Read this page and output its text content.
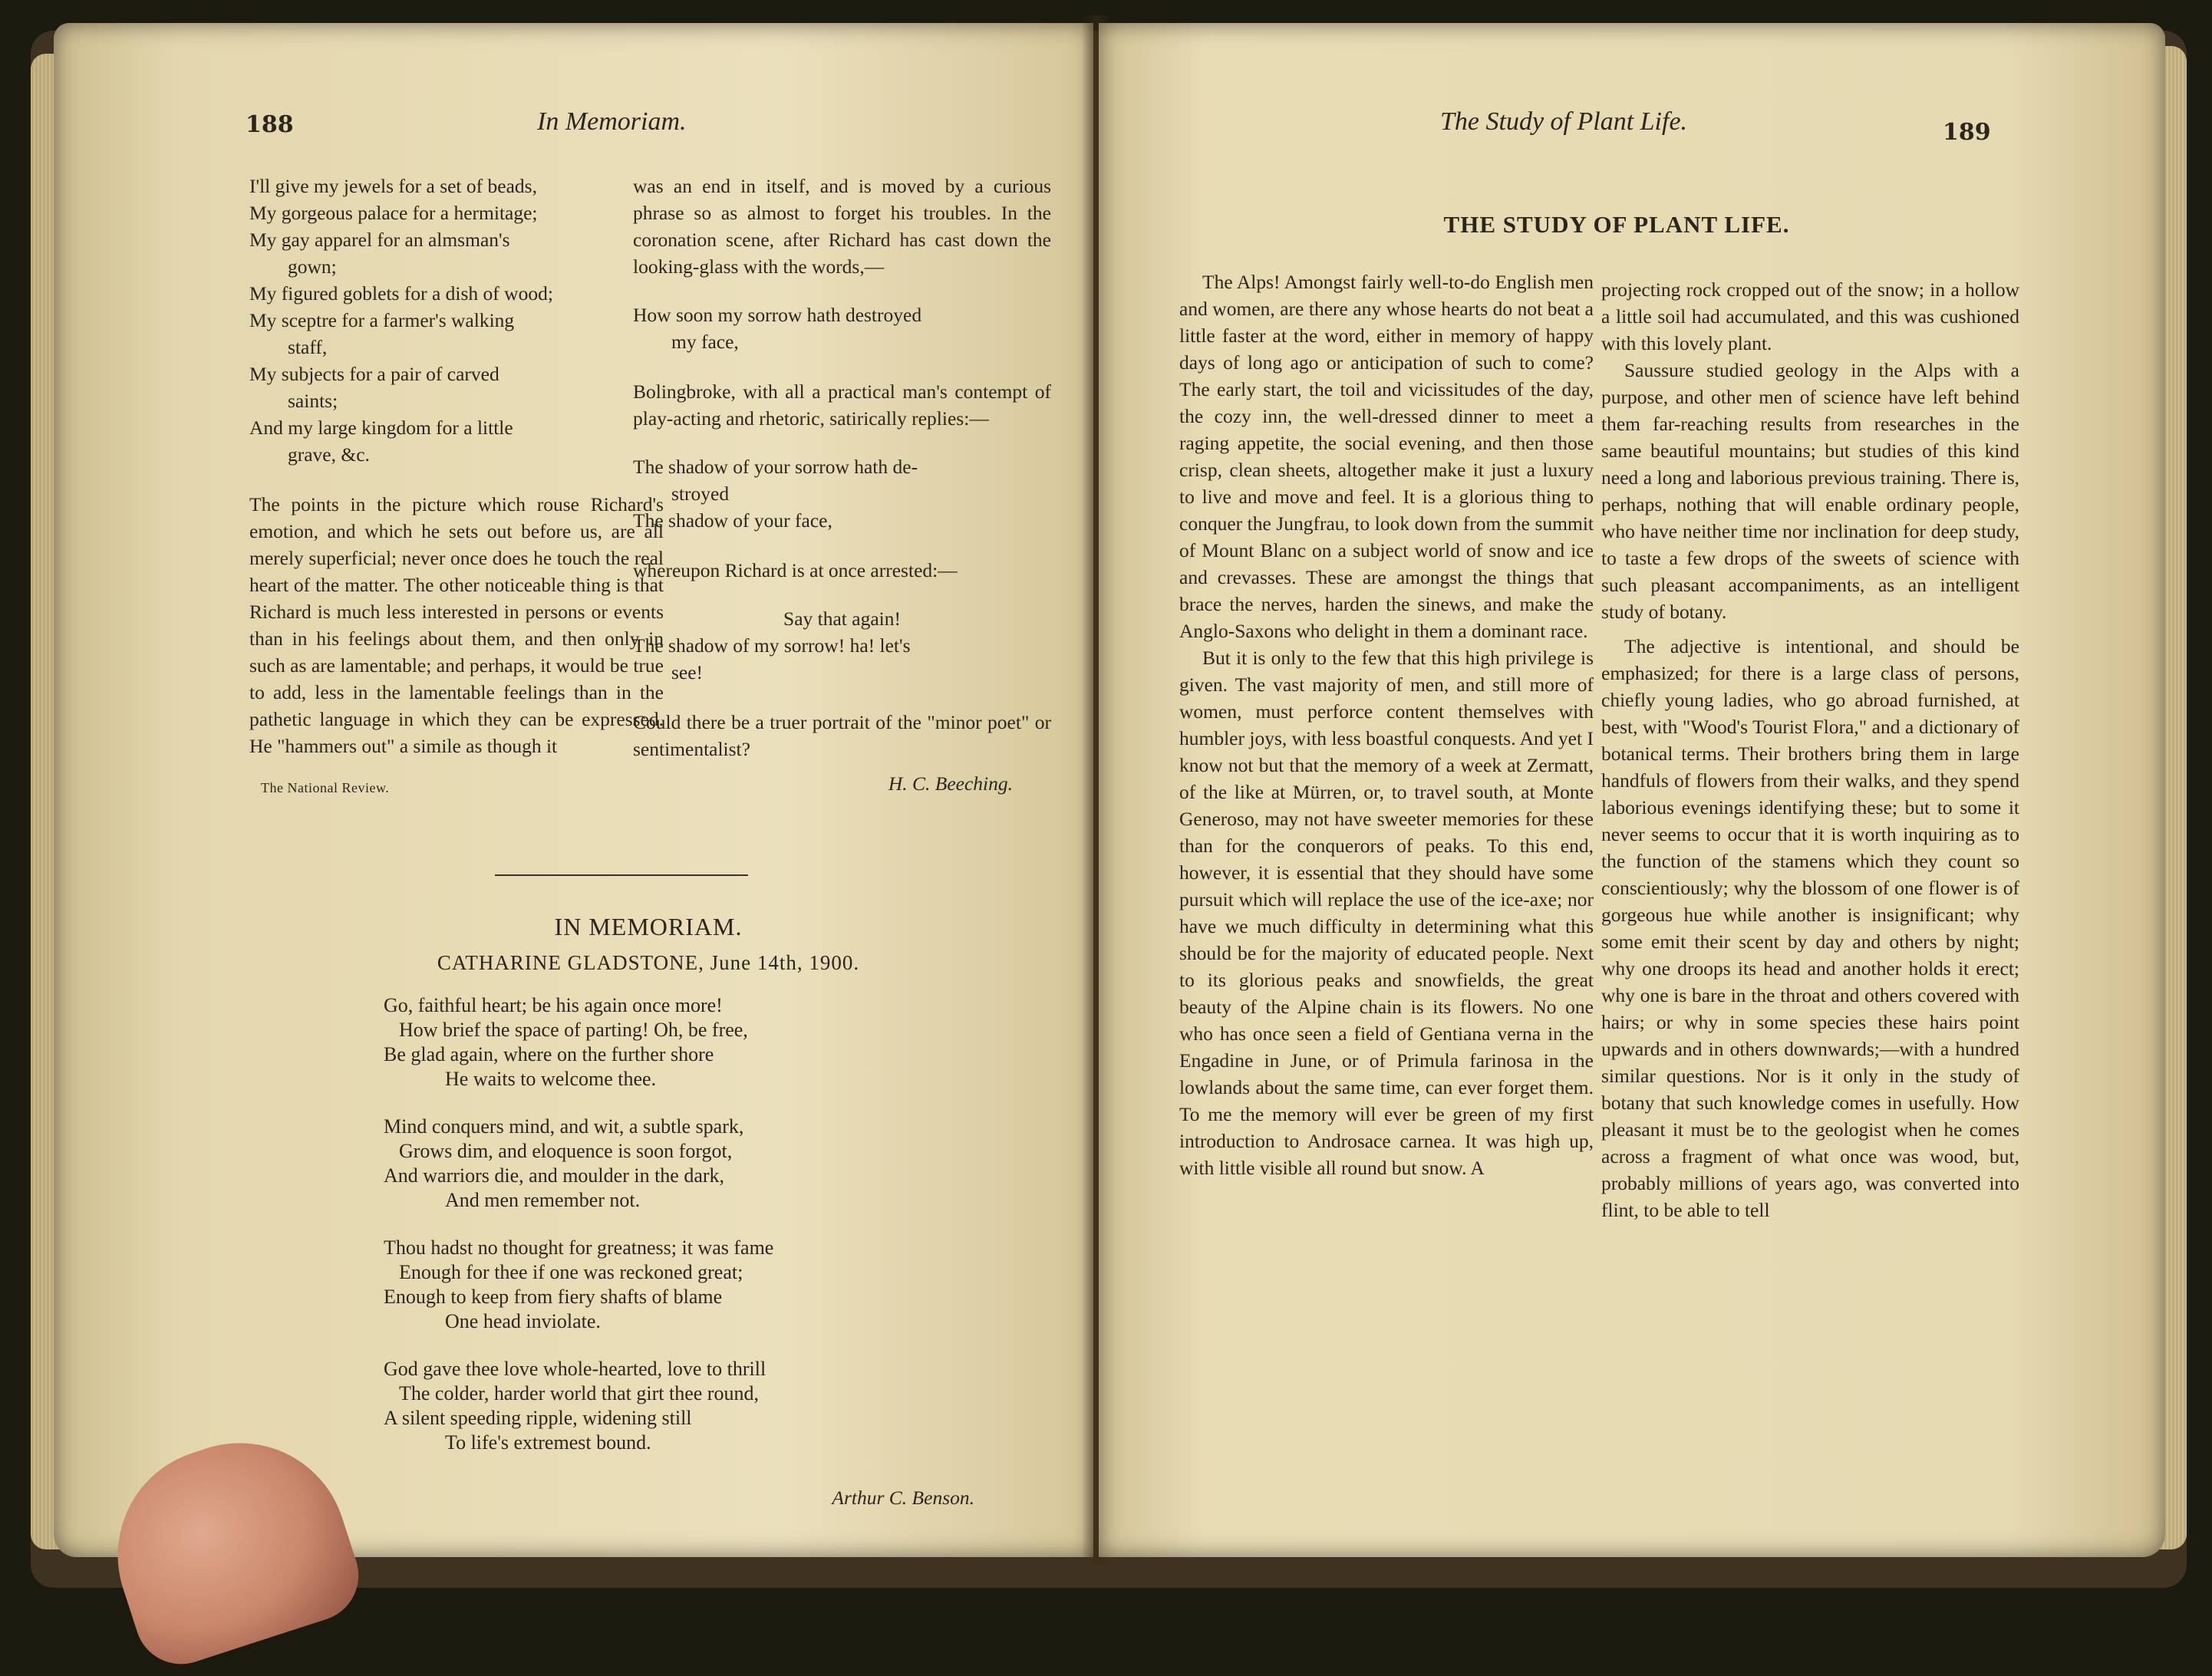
188	In Memoriam.
I'll give my jewels for a set of beads,
My gorgeous palace for a hermitage;
My gay apparel for an almsman's
gown;
My figured goblets for a dish of wood;
My sceptre for a farmer's walking
staff,
My subjects for a pair of carved
saints;
And my large kingdom for a little
grave, &c.

The points in the picture which rouse Richard's emotion, and which he sets out before us, are all merely superficial; never once does he touch the real heart of the matter. The other noticeable thing is that Richard is much less interested in persons or events than in his feelings about them, and then only in such as are lamentable; and perhaps, it would be true to add, less in the lamentable feelings than in the pathetic language in which they can be expressed. He "hammers out" a simile as though it

The National Review.

was an end in itself, and is moved by a curious phrase so as almost to forget his troubles. In the coronation scene, after Richard has cast down the looking-glass with the words,—

How soon my sorrow hath destroyed
my face,

Bolingbroke, with all a practical man's contempt of play-acting and rhetoric, satirically replies:—

The shadow of your sorrow hath de-
stroyed
The shadow of your face,

whereupon Richard is at once arrested:—

Say that again!
The shadow of my sorrow! ha! let's
see!

Could there be a truer portrait of the "minor poet" or sentimentalist?

H. C. Beeching.
IN MEMORIAM.
CATHARINE GLADSTONE, June 14th, 1900.
Go, faithful heart; be his again once more!
How brief the space of parting! Oh, be free,
Be glad again, where on the further shore
He waits to welcome thee.
Mind conquers mind, and wit, a subtle spark,
Grows dim, and eloquence is soon forgot,
And warriors die, and moulder in the dark,
And men remember not.
Thou hadst no thought for greatness; it was fame
Enough for thee if one was reckoned great;
Enough to keep from fiery shafts of blame
One head inviolate.
God gave thee love whole-hearted, love to thrill
The colder, harder world that girt thee round,
A silent speeding ripple, widening still
To life's extremest bound.
Arthur C. Benson.
The Study of Plant Life.	189
THE STUDY OF PLANT LIFE.

The Alps! Amongst fairly well-to-do English men and women, are there any whose hearts do not beat a little faster at the word, either in memory of happy days of long ago or anticipation of such to come? The early start, the toil and vicissitudes of the day, the cozy inn, the well-dressed dinner to meet a raging appetite, the social evening, and then those crisp, clean sheets, altogether make it just a luxury to live and move and feel. It is a glorious thing to conquer the Jungfrau, to look down from the summit of Mount Blanc on a subject world of snow and ice and crevasses. These are amongst the things that brace the nerves, harden the sinews, and make the Anglo-Saxons who delight in them a dominant race.

But it is only to the few that this high privilege is given. The vast majority of men, and still more of women, must perforce content themselves with humbler joys, with less boastful conquests. And yet I know not but that the memory of a week at Zermatt, of the like at Mürren, or, to travel south, at Monte Generoso, may not have sweeter memories for these than for the conquerors of peaks. To this end, however, it is essential that they should have some pursuit which will replace the use of the ice-axe; nor have we much difficulty in determining what this should be for the majority of educated people. Next to its glorious peaks and snowfields, the great beauty of the Alpine chain is its flowers. No one who has once seen a field of Gentiana verna in the Engadine in June, or of Primula farinosa in the lowlands about the same time, can ever forget them. To me the memory will ever be green of my first introduction to Androsace carnea. It was high up, with little visible all round but snow. A

projecting rock cropped out of the snow; in a hollow a little soil had accumulated, and this was cushioned with this lovely plant.

Saussure studied geology in the Alps with a purpose, and other men of science have left behind them far-reaching results from researches in the same beautiful mountains; but studies of this kind need a long and laborious previous training. There is, perhaps, nothing that will enable ordinary people, who have neither time nor inclination for deep study, to taste a few drops of the sweets of science with such pleasant accompaniments, as an intelligent study of botany.

The adjective is intentional, and should be emphasized; for there is a large class of persons, chiefly young ladies, who go abroad furnished, at best, with "Wood's Tourist Flora," and a dictionary of botanical terms. Their brothers bring them in large handfuls of flowers from their walks, and they spend laborious evenings identifying these; but to some it never seems to occur that it is worth inquiring as to the function of the stamens which they count so conscientiously; why the blossom of one flower is of gorgeous hue while another is insignificant; why some emit their scent by day and others by night; why one droops its head and another holds it erect; why one is bare in the throat and others covered with hairs; or why in some species these hairs point upwards and in others downwards;—with a hundred similar questions. Nor is it only in the study of botany that such knowledge comes in usefully. How pleasant it must be to the geologist when he comes across a fragment of what once was wood, but, probably millions of years ago, was converted into flint, to be able to tell
